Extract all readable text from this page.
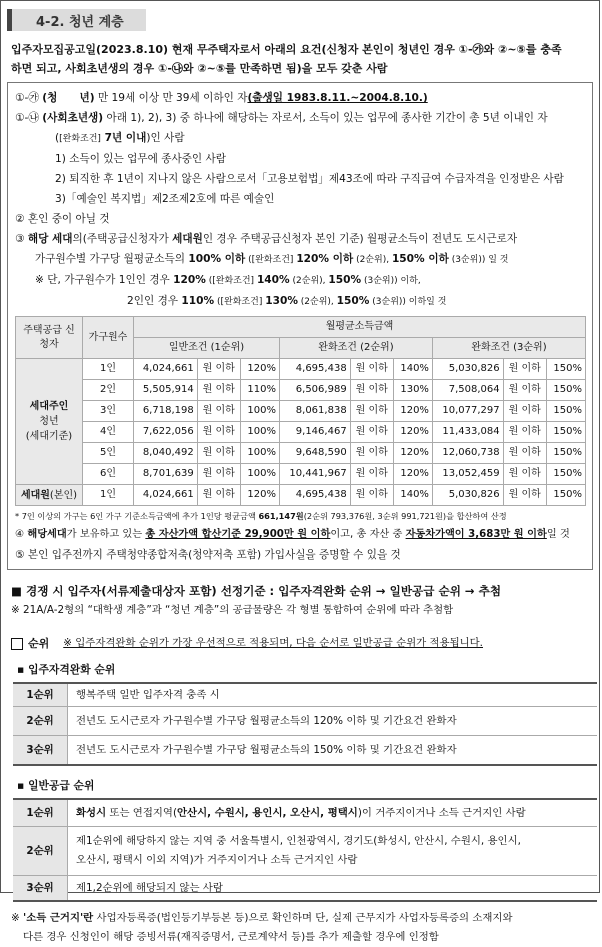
4-2. 청년 계층
입주자모집공고일(2023.8.10) 현재 무주택자로서 아래의 요건(신청자 본인이 청년인 경우 ①-㉮와 ②~⑤를 충족
하면 되고, 사회초년생의 경우 ①-㉯와 ②~⑤를 만족하면 됨)을 모두 갖춘 사람
①-㉮ (청      년) 만 19세 이상 만 39세 이하인 자(출생일 1983.8.11.~2004.8.10.)
①-㉯ (사회초년생) 아래 1), 2), 3) 중 하나에 해당하는 자로서, 소득이 있는 업무에 종사한 기간이 총 5년 이내인 자
([완화조건] 7년 이내)인 사람
1) 소득이 있는 업무에 종사중인 사람
2) 퇴직한 후 1년이 지나지 않은 사람으로서「고용보험법」제43조에 따라 구직급여 수급자격을 인정받은 사람
3)「예술인 복지법」제2조제2호에 따른 예술인
② 혼인 중이 아닐 것
③ 해당 세대의(주택공급신청자가 세대원인 경우 주택공급신청자 본인 기준) 월평균소득이 전년도 도시근로자
가구원수별 가구당 월평균소득의 100% 이하 ([완화조건] 120% 이하 (2순위), 150% 이하 (3순위)) 일 것
※ 단, 가구원수가 1인인 경우 120% ([완화조건] 140% (2순위), 150% (3순위)) 이하,
2인인 경우 110% ([완화조건] 130% (2순위), 150% (3순위)) 이하일 것
주택공급 신청자	가구원수	월평균소득금액								
		일반조건 (1순위)			완화조건 (2순위)			완화조건 (3순위)		
세대주인
청년
(세대기준)	1인	4,024,661	원 이하	120%	4,695,438	원 이하	140%	5,030,826	원 이하	150%
	2인	5,505,914	원 이하	110%	6,506,989	원 이하	130%	7,508,064	원 이하	150%
	3인	6,718,198	원 이하	100%	8,061,838	원 이하	120%	10,077,297	원 이하	150%
	4인	7,622,056	원 이하	100%	9,146,467	원 이하	120%	11,433,084	원 이하	150%
	5인	8,040,492	원 이하	100%	9,648,590	원 이하	120%	12,060,738	원 이하	150%
	6인	8,701,639	원 이하	100%	10,441,967	원 이하	120%	13,052,459	원 이하	150%
세대원(본인)	1인	4,024,661	원 이하	120%	4,695,438	원 이하	140%	5,030,826	원 이하	150%
* 7인 이상의 가구는 6인 가구 기준소득금액에 추가 1인당 평균금액 661,147원(2순위 793,376원, 3순위 991,721원)을 합산하여 산정
④ 해당세대가 보유하고 있는 총 자산가액 합산기준 29,900만 원 이하이고, 총 자산 중 자동차가액이 3,683만 원 이하일 것
⑤ 본인 입주전까지 주택청약종합저축(청약저축 포함) 가입사실을 증명할 수 있을 것
■ 경쟁 시 입주자(서류제출대상자 포함) 선정기준 : 입주자격완화 순위 → 일반공급 순위 → 추첨
※ 21A/A-2형의 “대학생 계층”과 “청년 계층”의 공급물량은 각 형별 통합하여 순위에 따라 추첨함
순위 ※ 입주자격완화 순위가 가장 우선적으로 적용되며, 다음 순서로 일반공급 순위가 적용됩니다.
▪ 입주자격완화 순위
1순위	행복주택 일반 입주자격 충족 시
2순위	전년도 도시근로자 가구원수별 가구당 월평균소득의 120% 이하 및 기간요건 완화자
3순위	전년도 도시근로자 가구원수별 가구당 월평균소득의 150% 이하 및 기간요건 완화자
▪ 일반공급 순위
1순위	화성시 또는 연접지역(안산시, 수원시, 용인시, 오산시, 평택시)이 거주지이거나 소득 근거지인 사람
2순위	제1순위에 해당하지 않는 지역 중 서울특별시, 인천광역시, 경기도(화성시, 안산시, 수원시, 용인시,
오산시, 평택시 이외 지역)가 거주지이거나 소득 근거지인 사람

3순위	제1,2순위에 해당되지 않는 사람
※ '소득 근거지'란 사업자등록증(법인등기부등본 등)으로 확인하며 단, 실제 근무지가 사업자등록증의 소재지와
다른 경우 신청인이 해당 증빙서류(재직증명서, 근로계약서 등)를 추가 제출할 경우에 인정함
